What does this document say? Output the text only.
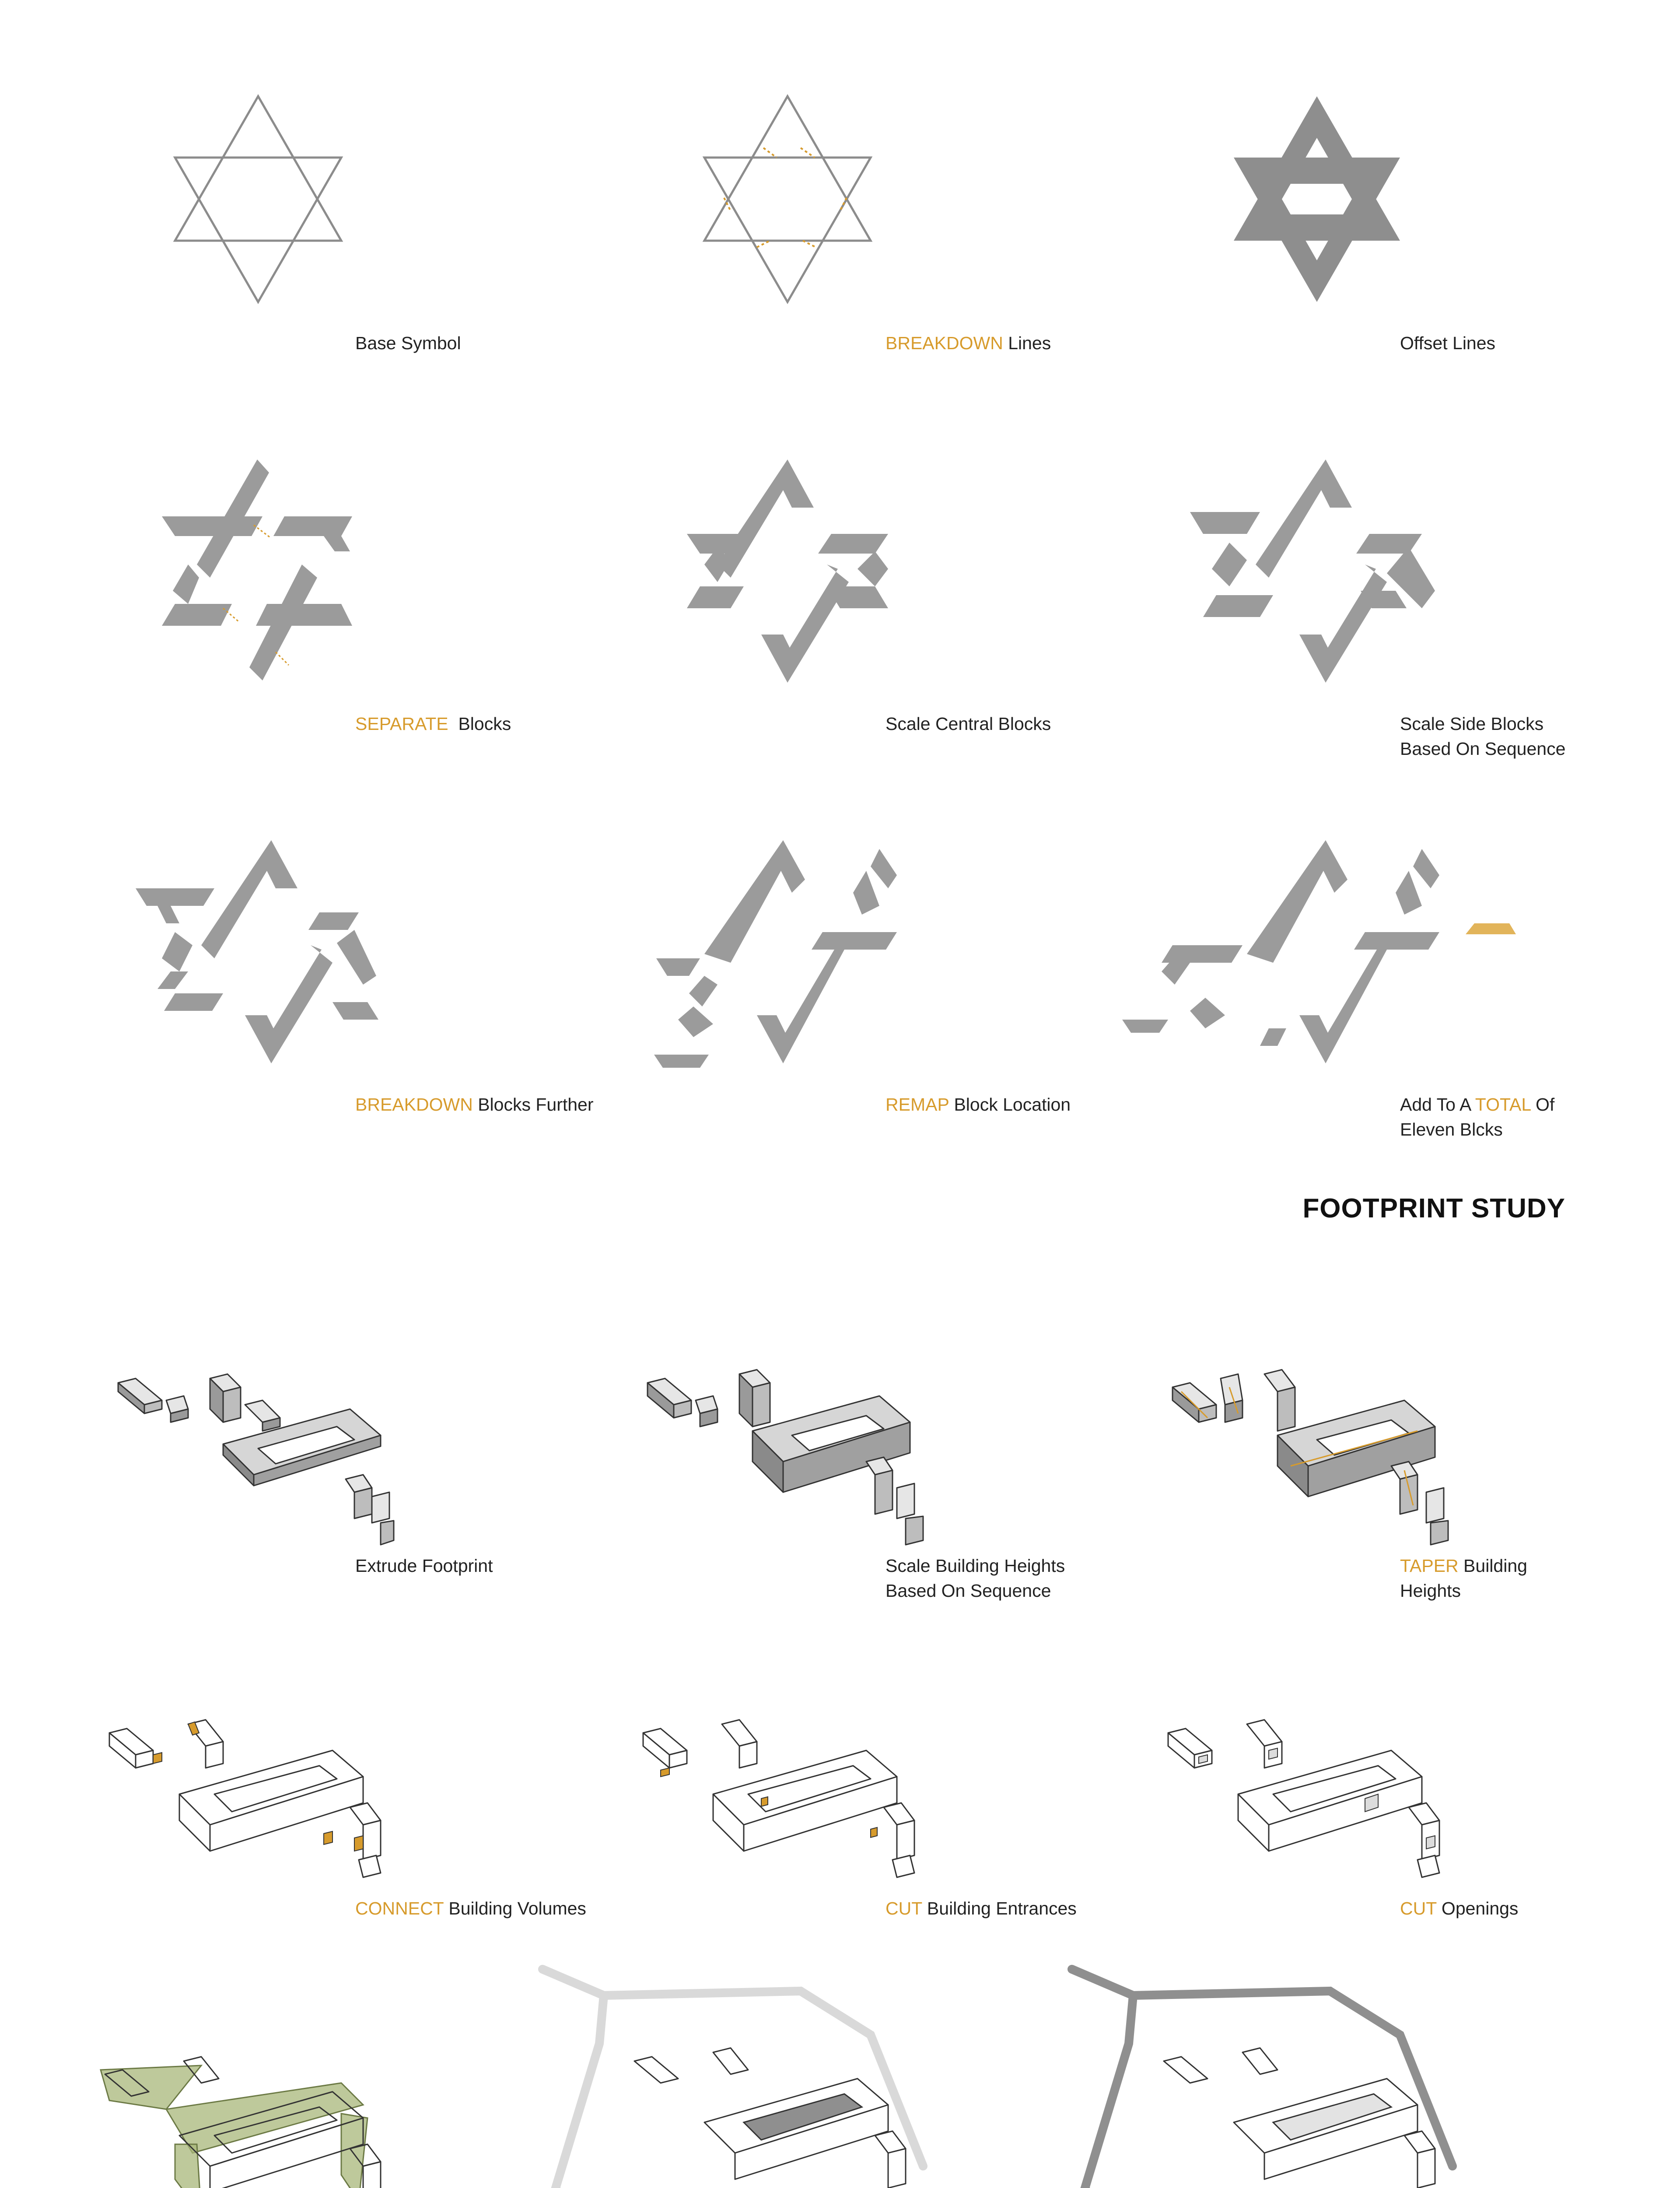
Base Symbol	BREAKDOWN Lines	Offset Lines
SEPARATE  Blocks	Scale Central Blocks	Scale Side Blocks
Based On Sequence
BREAKDOWN Blocks Further	REMAP Block Location	Add To A TOTAL Of
Eleven Blcks
FOOTPRINT STUDY
Extrude Footprint	Scale Building Heights
Based On Sequence
TAPER Building
Heights
CONNECT Building Volumes	CUT Building Entrances	CUT Openings
